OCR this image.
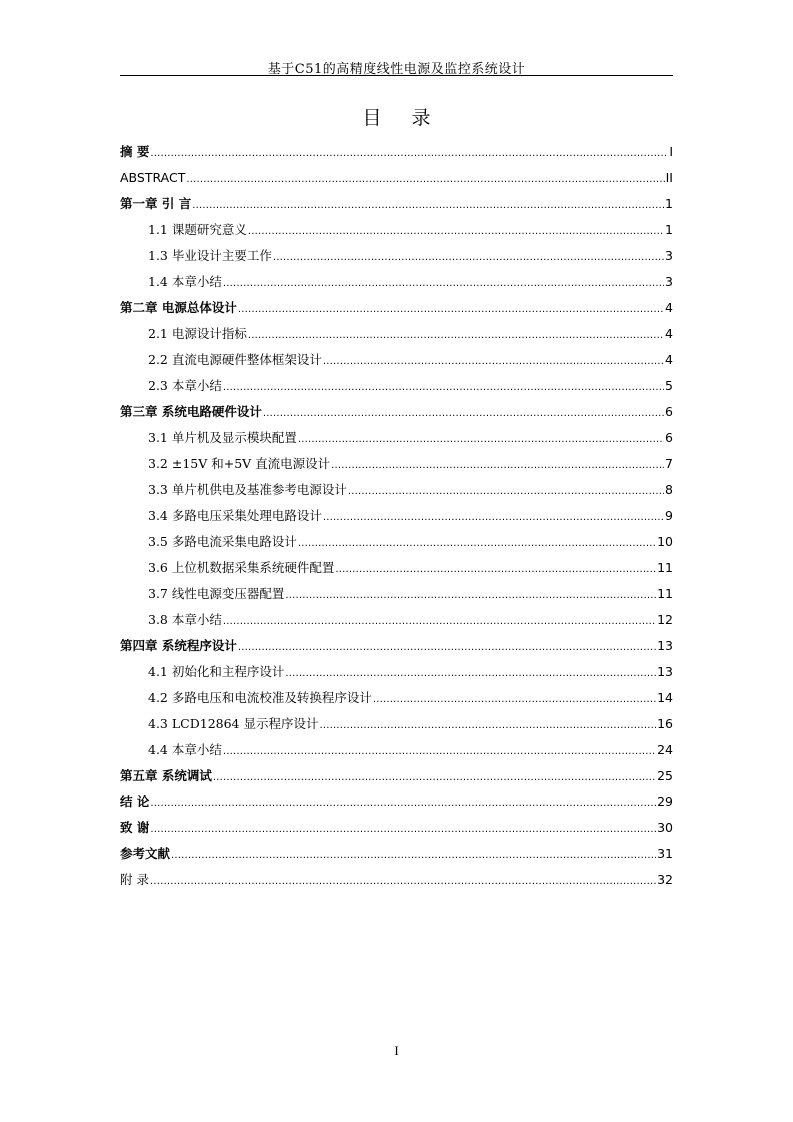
基于C51的高精度线性电源及监控系统设计
目 录
摘 要 .....	I
ABSTRACT .....	II
第一章 引 言 .....	1
1.1 课题研究意义 .....	1
1.3 毕业设计主要工作 .....	3
1.4 本章小结 .....	3
第二章 电源总体设计 .....	4
2.1 电源设计指标 .....	4
2.2 直流电源硬件整体框架设计 .....	4
2.3 本章小结 .....	5
第三章 系统电路硬件设计 .....	6
3.1 单片机及显示模块配置 .....	6
3.2 ±15V 和+5V 直流电源设计 .....	7
3.3 单片机供电及基准参考电源设计 .....	8
3.4 多路电压采集处理电路设计 .....	9
3.5 多路电流采集电路设计 .....	10
3.6 上位机数据采集系统硬件配置 .....	11
3.7 线性电源变压器配置 .....	11
3.8 本章小结 .....	12
第四章 系统程序设计 .....	13
4.1 初始化和主程序设计 .....	13
4.2 多路电压和电流校准及转换程序设计 .....	14
4.3 LCD12864 显示程序设计 .....	16
4.4 本章小结 .....	24
第五章 系统调试 .....	25
结 论 .....	29
致 谢 .....	30
参考文献 .....	31
附 录 .....	32
I
